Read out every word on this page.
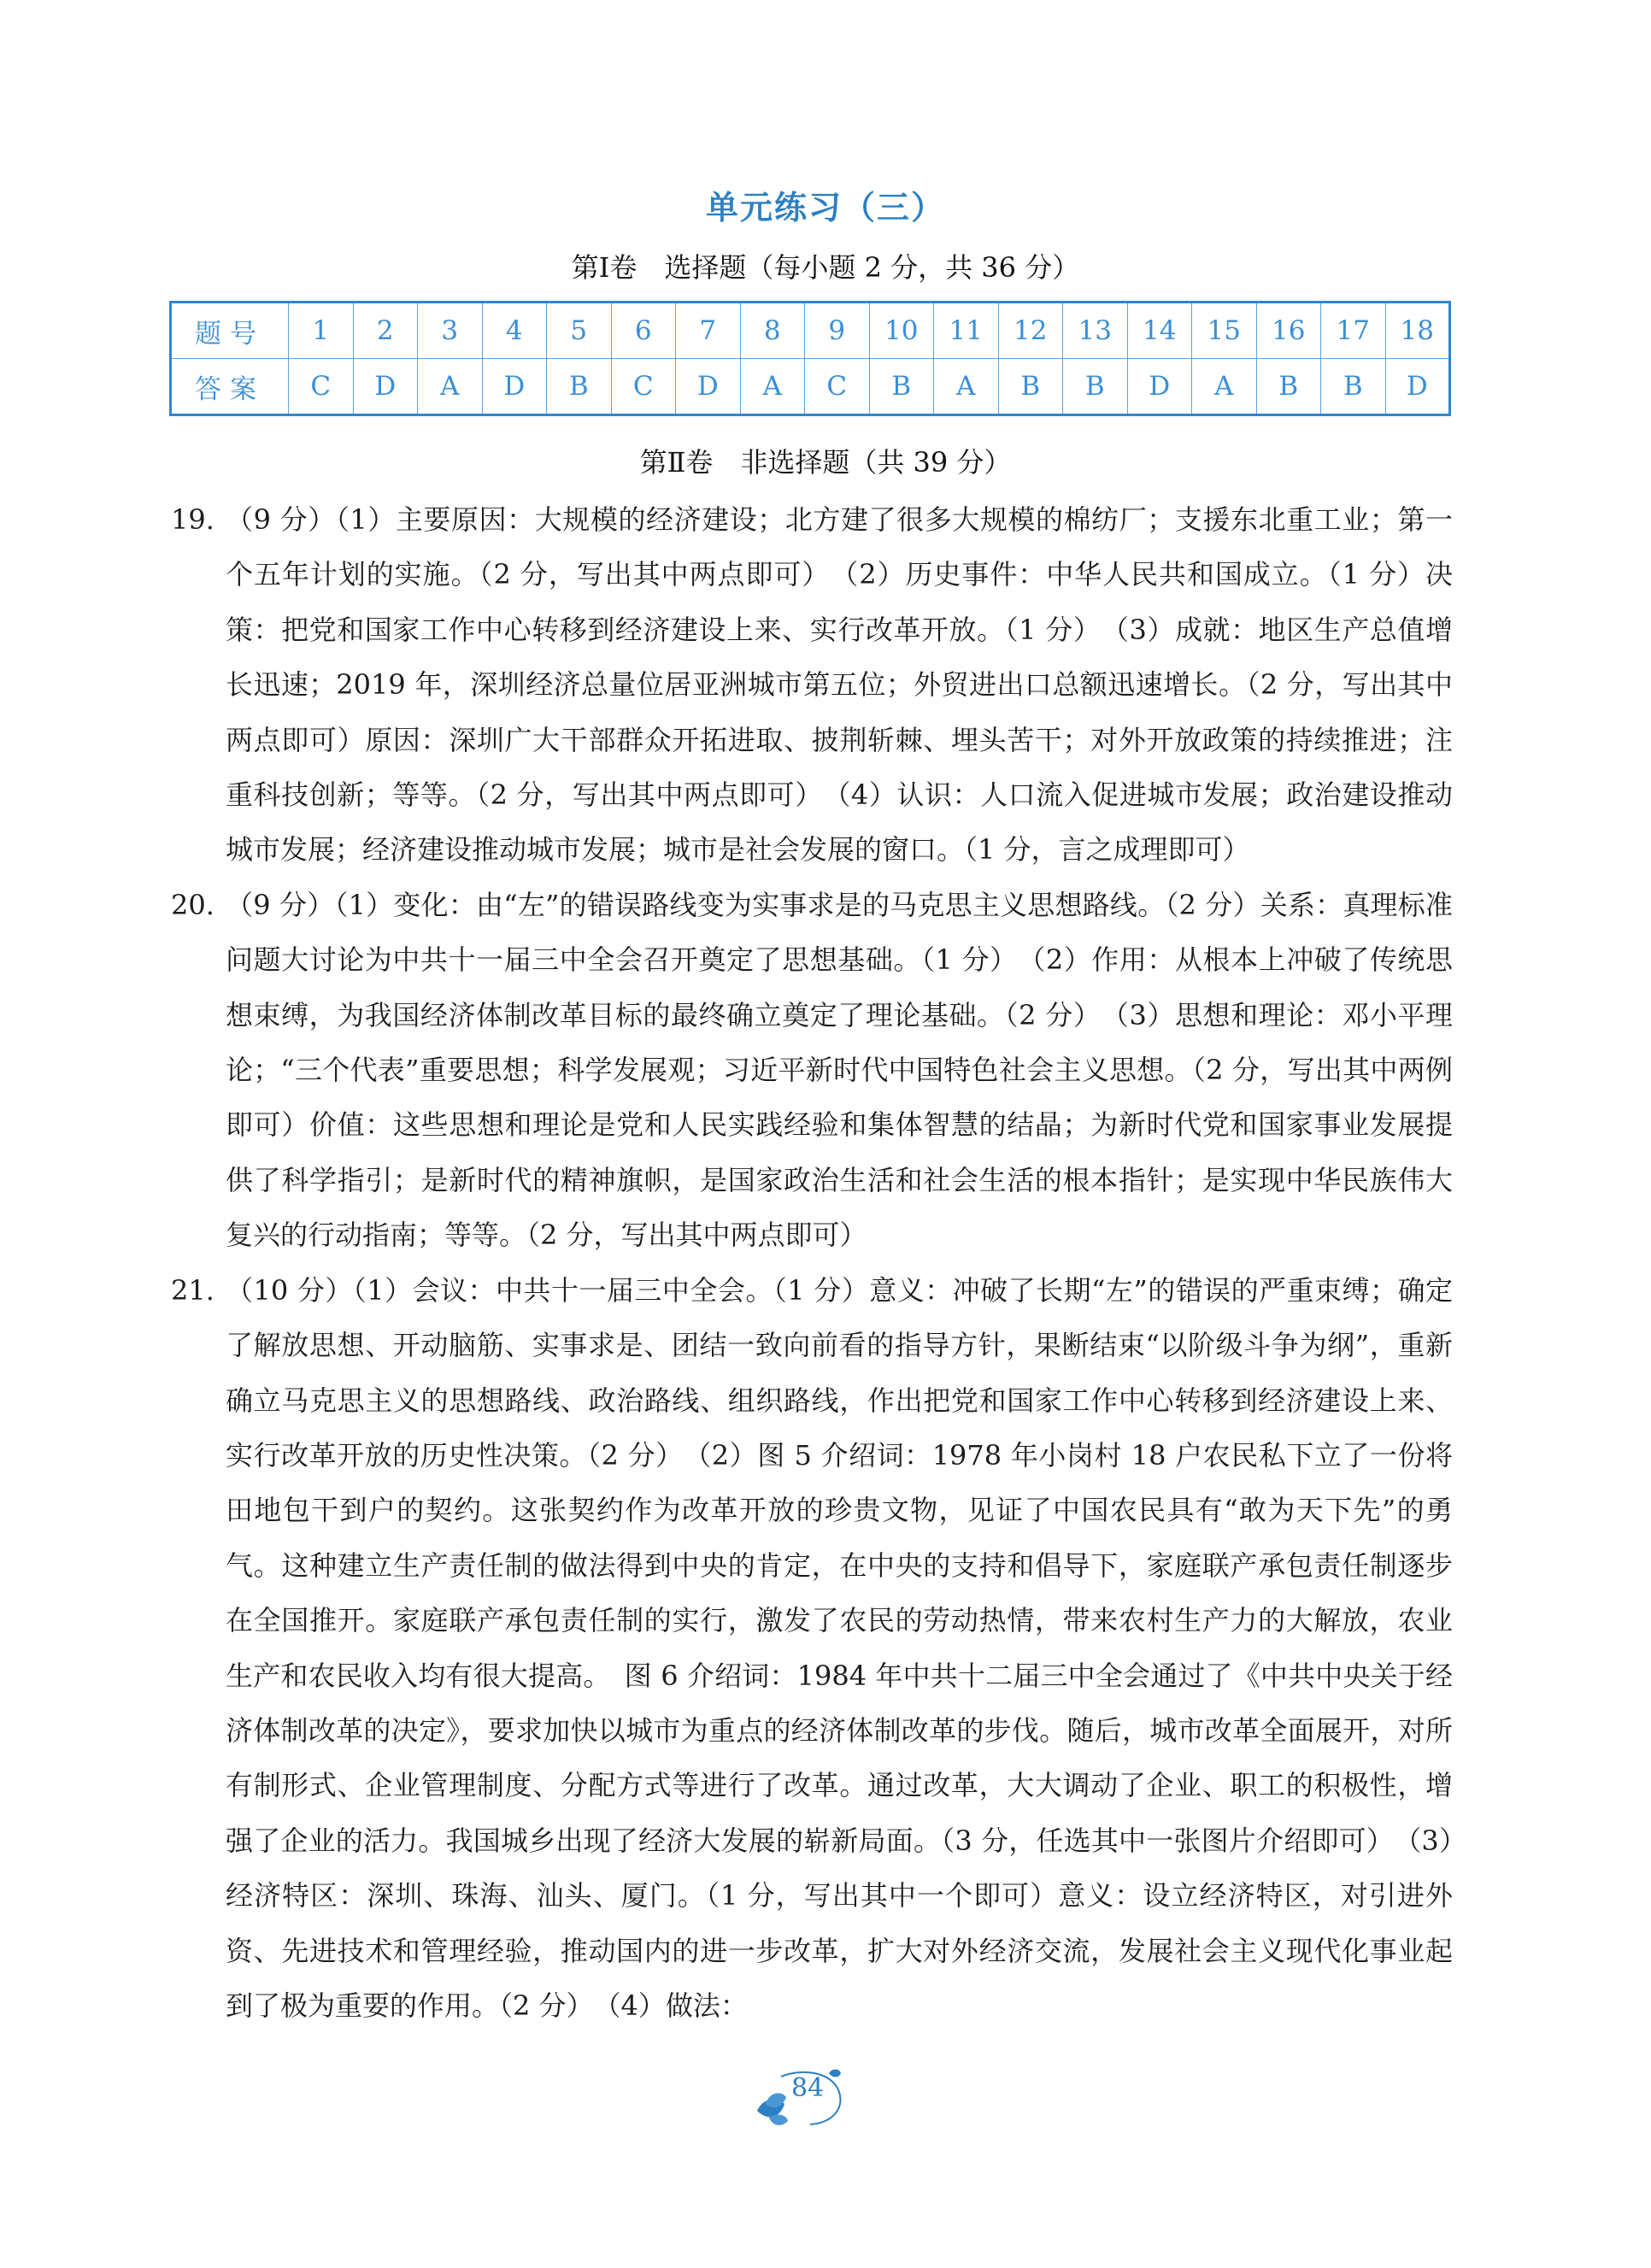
单元练习（三）
第Ⅰ卷　选择题（每小题 2 分，共 36 分）
题号	1	2	3	4	5	6	7	8	9	10	11	12	13	14	15	16	17	18
答案	C	D	A	D	B	C	D	A	C	B	A	B	B	D	A	B	B	D
第Ⅱ卷　非选择题（共 39 分）

19. （9 分）（1）主要原因：大规模的经济建设；北方建了很多大规模的棉纺厂；支援东北重工业；第一个五年计划的实施。（2 分，写出其中两点即可）　（2）历史事件：中华人民共和国成立。（1 分）决策：把党和国家工作中心转移到经济建设上来、实行改革开放。（1 分）　（3）成就：地区生产总值增长迅速；2019 年，深圳经济总量位居亚洲城市第五位；外贸进出口总额迅速增长。（2 分，写出其中两点即可）原因：深圳广大干部群众开拓进取、披荆斩棘、埋头苦干；对外开放政策的持续推进；注重科技创新；等等。（2 分，写出其中两点即可）　（4）认识：人口流入促进城市发展；政治建设推动城市发展；经济建设推动城市发展；城市是社会发展的窗口。（1 分，言之成理即可）

20. （9 分）（1）变化：由“左”的错误路线变为实事求是的马克思主义思想路线。（2 分）关系：真理标准问题大讨论为中共十一届三中全会召开奠定了思想基础。（1 分）　（2）作用：从根本上冲破了传统思想束缚，为我国经济体制改革目标的最终确立奠定了理论基础。（2 分）　（3）思想和理论：邓小平理论；“三个代表”重要思想；科学发展观；习近平新时代中国特色社会主义思想。（2 分，写出其中两例即可）价值：这些思想和理论是党和人民实践经验和集体智慧的结晶；为新时代党和国家事业发展提供了科学指引；是新时代的精神旗帜，是国家政治生活和社会生活的根本指针；是实现中华民族伟大复兴的行动指南；等等。（2 分，写出其中两点即可）

21. （10 分）（1）会议：中共十一届三中全会。（1 分）意义：冲破了长期“左”的错误的严重束缚；确定了解放思想、开动脑筋、实事求是、团结一致向前看的指导方针，果断结束“以阶级斗争为纲”，重新确立马克思主义的思想路线、政治路线、组织路线，作出把党和国家工作中心转移到经济建设上来、实行改革开放的历史性决策。（2 分）　（2）图 5 介绍词：1978 年小岗村 18 户农民私下立了一份将田地包干到户的契约。这张契约作为改革开放的珍贵文物，见证了中国农民具有“敢为天下先”的勇气。这种建立生产责任制的做法得到中央的肯定，在中央的支持和倡导下，家庭联产承包责任制逐步在全国推开。家庭联产承包责任制的实行，激发了农民的劳动热情，带来农村生产力的大解放，农业生产和农民收入均有很大提高。　图 6 介绍词：1984 年中共十二届三中全会通过了《中共中央关于经济体制改革的决定》，要求加快以城市为重点的经济体制改革的步伐。随后，城市改革全面展开，对所有制形式、企业管理制度、分配方式等进行了改革。通过改革，大大调动了企业、职工的积极性，增强了企业的活力。我国城乡出现了经济大发展的崭新局面。（3 分，任选其中一张图片介绍即可）　（3）经济特区：深圳、珠海、汕头、厦门。（1 分，写出其中一个即可）意义：设立经济特区，对引进外资、先进技术和管理经验，推动国内的进一步改革，扩大对外经济交流，发展社会主义现代化事业起到了极为重要的作用。（2 分）　（4）做法：

84
